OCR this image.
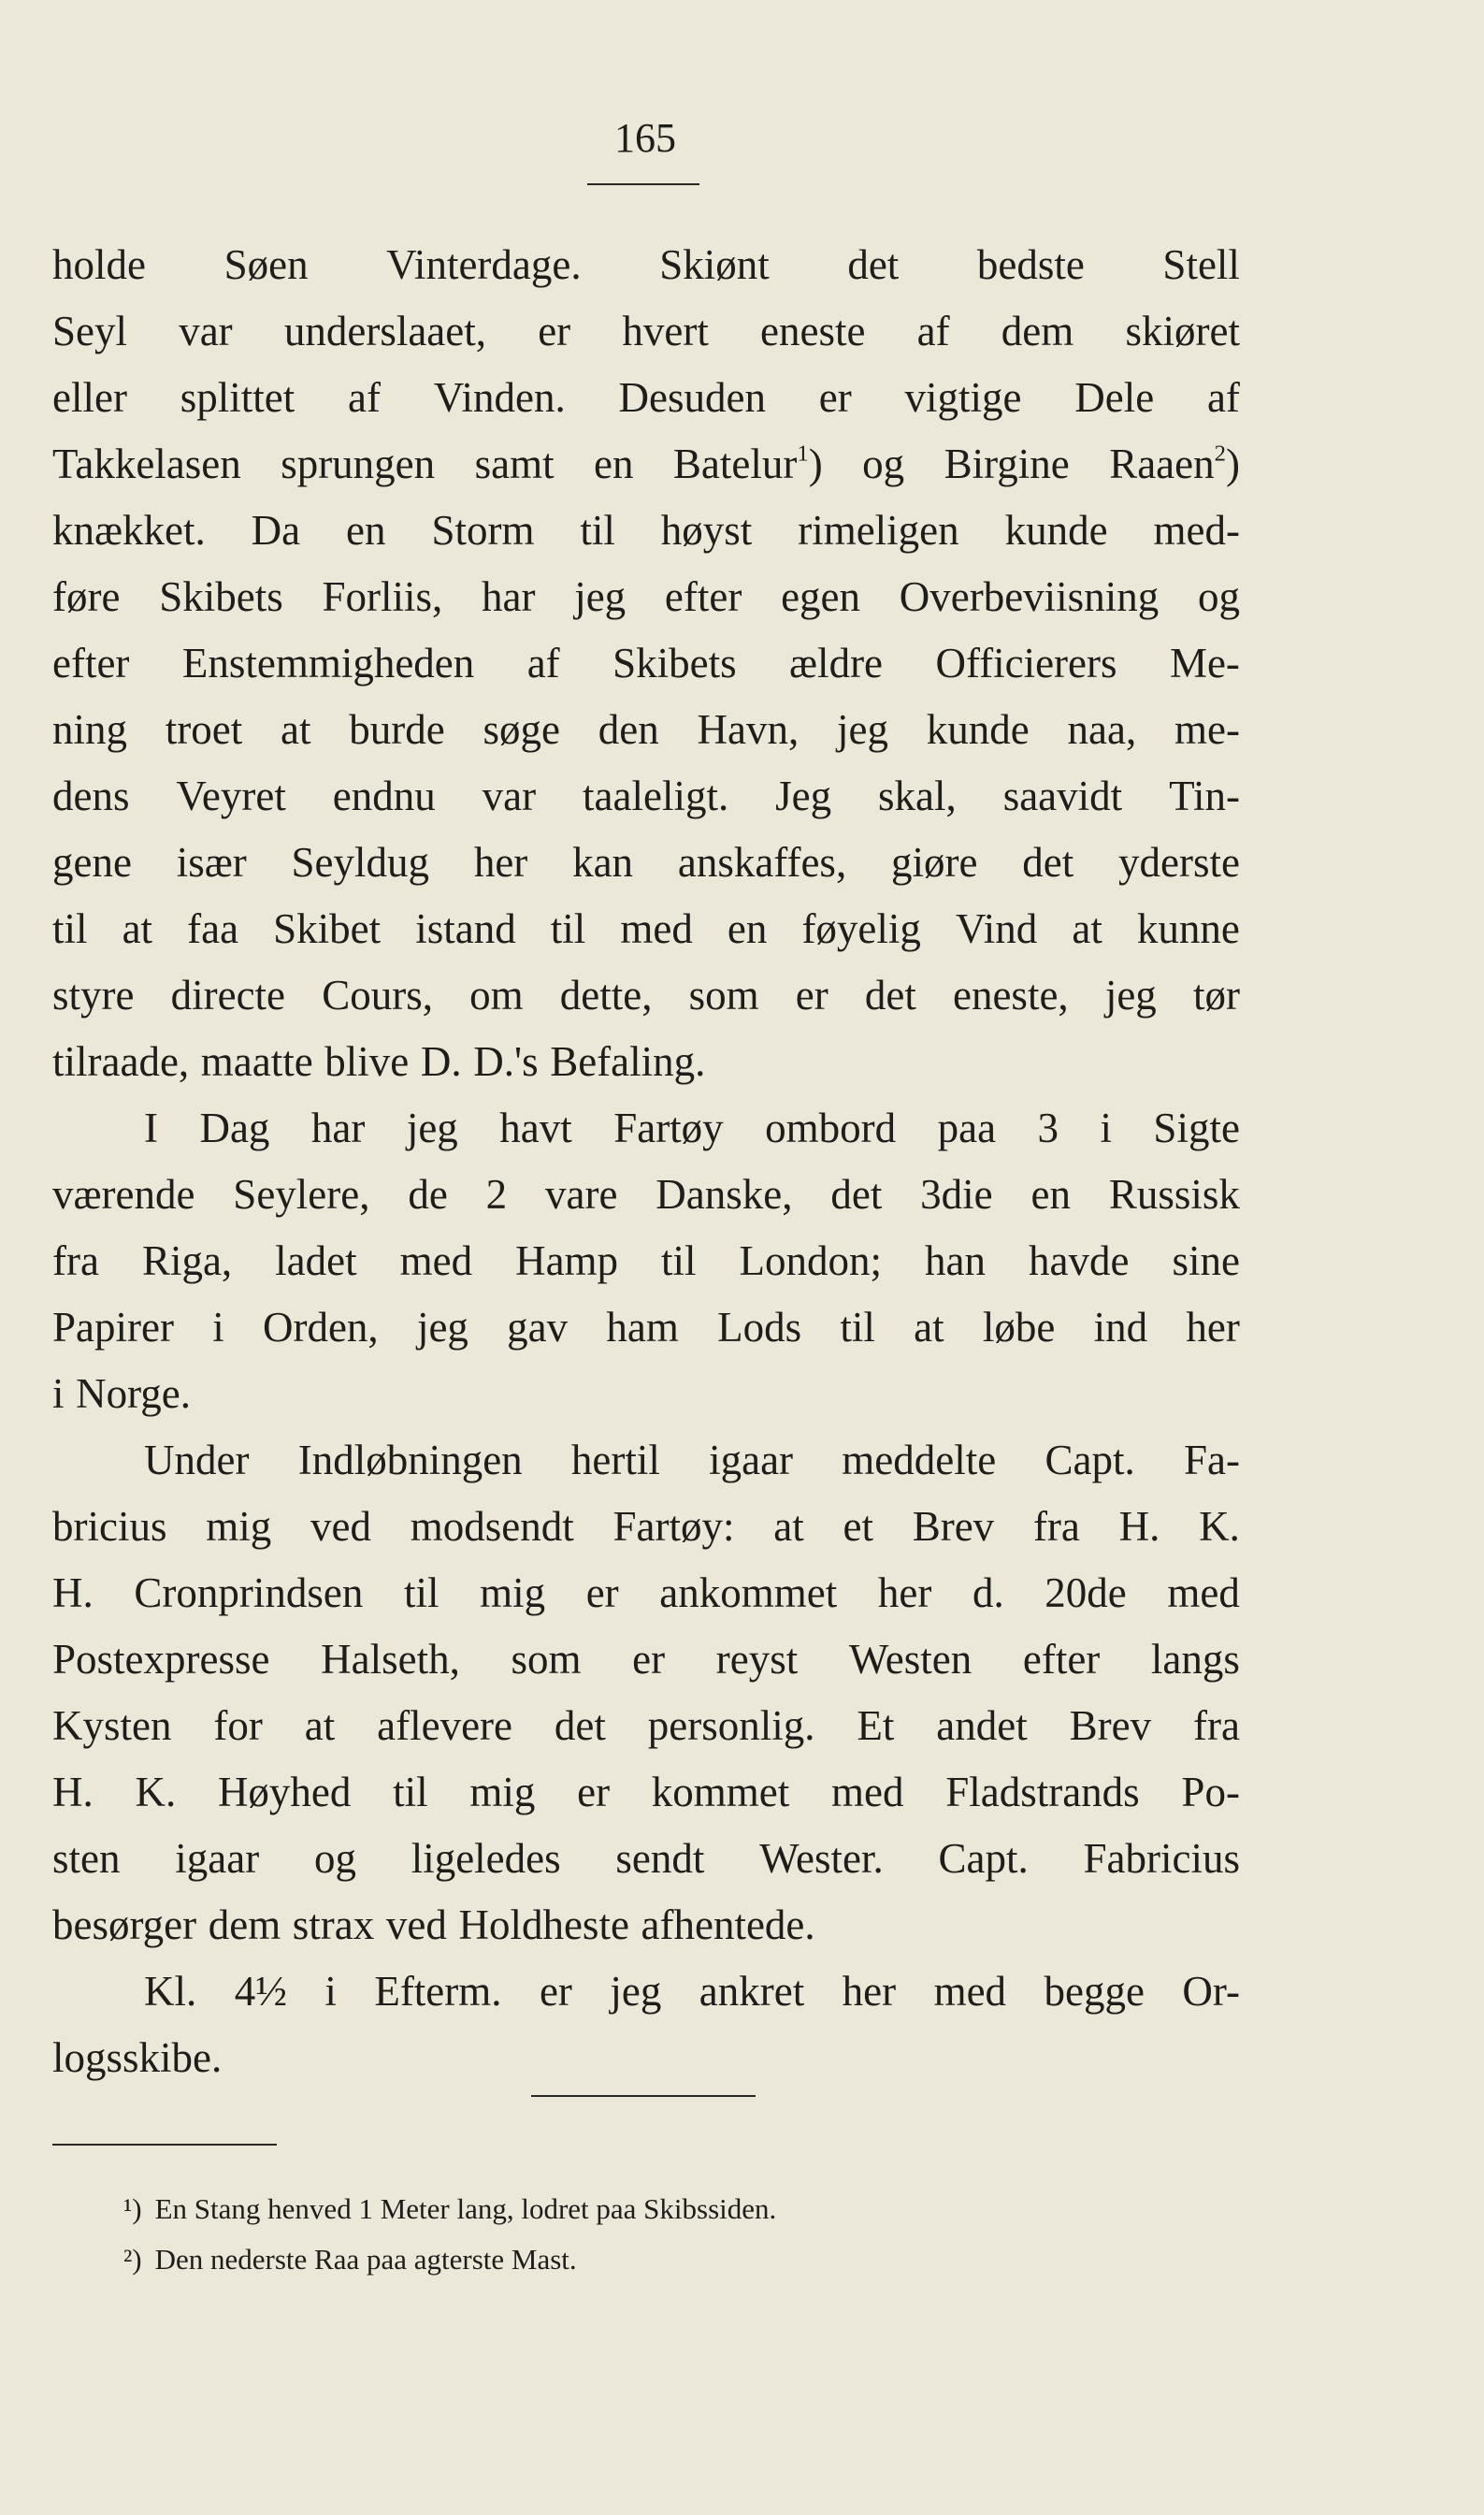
165
holde Søen Vinterdage. Skiønt det bedste Stell
Seyl var underslaaet, er hvert eneste af dem skiøret
eller splittet af Vinden. Desuden er vigtige Dele af
Takkelasen sprungen samt en Batelur$^1$) og Birgine Raaen$^2$)
knækket. Da en Storm til høyst rimeligen kunde med-
føre Skibets Forliis, har jeg efter egen Overbeviisning og
efter Enstemmigheden af Skibets ældre Officierers Me-
ning troet at burde søge den Havn, jeg kunde naa, me-
dens Veyret endnu var taaleligt. Jeg skal, saavidt Tin-
gene især Seyldug her kan anskaffes, giøre det yderste
til at faa Skibet istand til med en føyelig Vind at kunne
styre directe Cours, om dette, som er det eneste, jeg tør
tilraade, maatte blive D. D.'s Befaling.
I Dag har jeg havt Fartøy ombord paa 3 i Sigte
værende Seylere, de 2 vare Danske, det 3die en Russisk
fra Riga, ladet med Hamp til London; han havde sine
Papirer i Orden, jeg gav ham Lods til at løbe ind her
i Norge.
Under Indløbningen hertil igaar meddelte Capt. Fa-
bricius mig ved modsendt Fartøy: at et Brev fra H. K.
H. Cronprindsen til mig er ankommet her d. 20de med
Postexpresse Halseth, som er reyst Westen efter langs
Kysten for at aflevere det personlig. Et andet Brev fra
H. K. Høyhed til mig er kommet med Fladstrands Po-
sten igaar og ligeledes sendt Wester. Capt. Fabricius
besørger dem strax ved Holdheste afhentede.
Kl. 4½ i Efterm. er jeg ankret her med begge Or-
logsskibe.
¹) En Stang henved 1 Meter lang, lodret paa Skibssiden.
²) Den nederste Raa paa agterste Mast.
